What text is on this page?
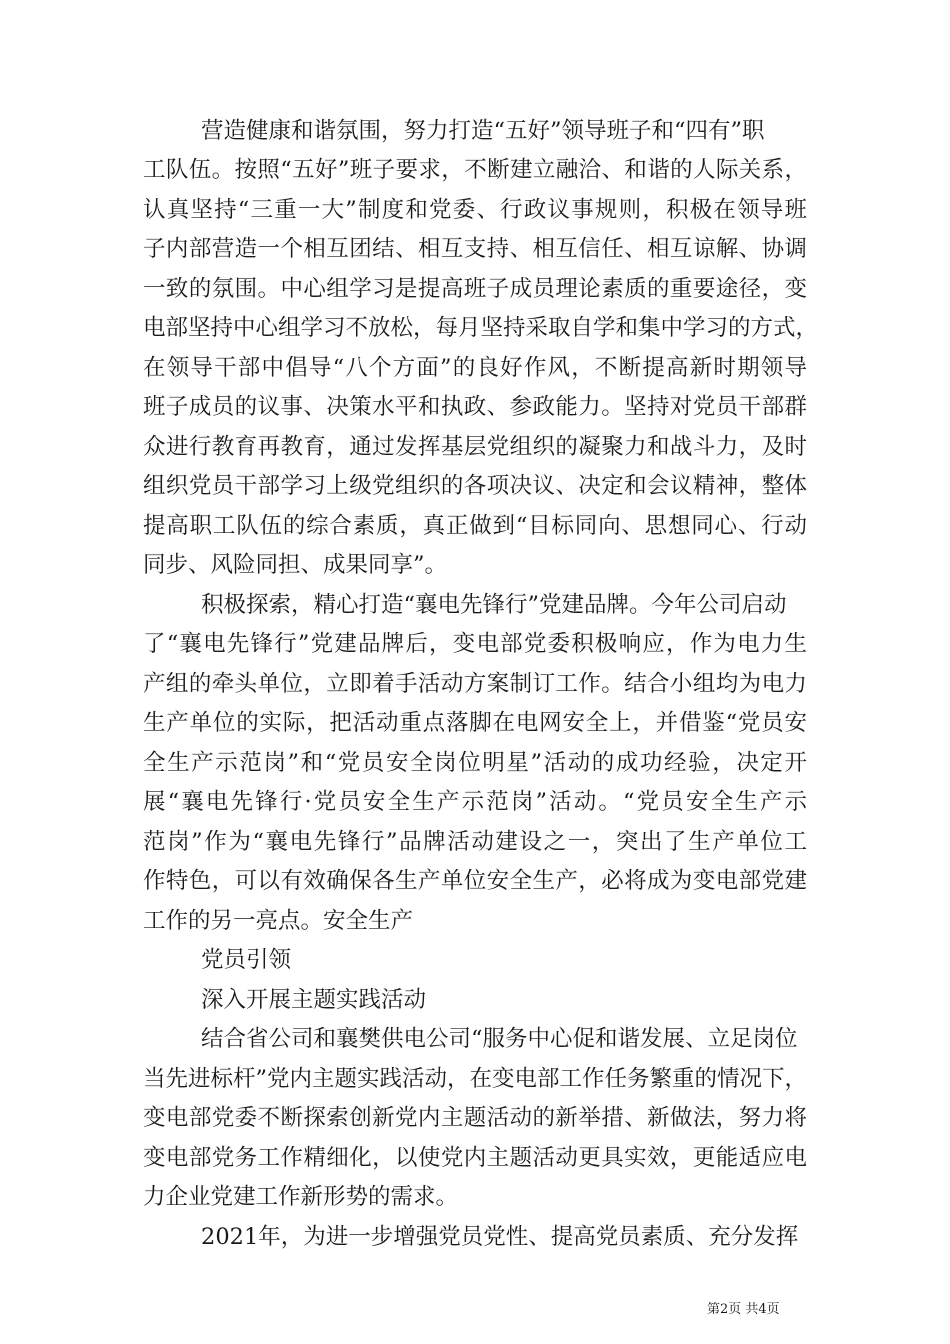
营造健康和谐氛围，努力打造“五好”领导班子和“四有”职
工队伍。按照“五好”班子要求，不断建立融洽、和谐的人际关系，
认真坚持“三重一大”制度和党委、行政议事规则，积极在领导班
子内部营造一个相互团结、相互支持、相互信任、相互谅解、协调
一致的氛围。中心组学习是提高班子成员理论素质的重要途径，变
电部坚持中心组学习不放松，每月坚持采取自学和集中学习的方式，
在领导干部中倡导“八个方面”的良好作风，不断提高新时期领导
班子成员的议事、决策水平和执政、参政能力。坚持对党员干部群
众进行教育再教育，通过发挥基层党组织的凝聚力和战斗力，及时
组织党员干部学习上级党组织的各项决议、决定和会议精神，整体
提高职工队伍的综合素质，真正做到“目标同向、思想同心、行动
同步、风险同担、成果同享”。
积极探索，精心打造“襄电先锋行”党建品牌。今年公司启动
了“襄电先锋行”党建品牌后，变电部党委积极响应，作为电力生
产组的牵头单位，立即着手活动方案制订工作。结合小组均为电力
生产单位的实际，把活动重点落脚在电网安全上，并借鉴“党员安
全生产示范岗”和“党员安全岗位明星”活动的成功经验，决定开
展“襄电先锋行·党员安全生产示范岗”活动。“党员安全生产示
范岗”作为“襄电先锋行”品牌活动建设之一，突出了生产单位工
作特色，可以有效确保各生产单位安全生产，必将成为变电部党建
工作的另一亮点。安全生产
党员引领
深入开展主题实践活动
结合省公司和襄樊供电公司“服务中心促和谐发展、立足岗位
当先进标杆”党内主题实践活动，在变电部工作任务繁重的情况下，
变电部党委不断探索创新党内主题活动的新举措、新做法，努力将
变电部党务工作精细化，以使党内主题活动更具实效，更能适应电
力企业党建工作新形势的需求。
2021年，为进一步增强党员党性、提高党员素质、充分发挥
第2页 共4页
